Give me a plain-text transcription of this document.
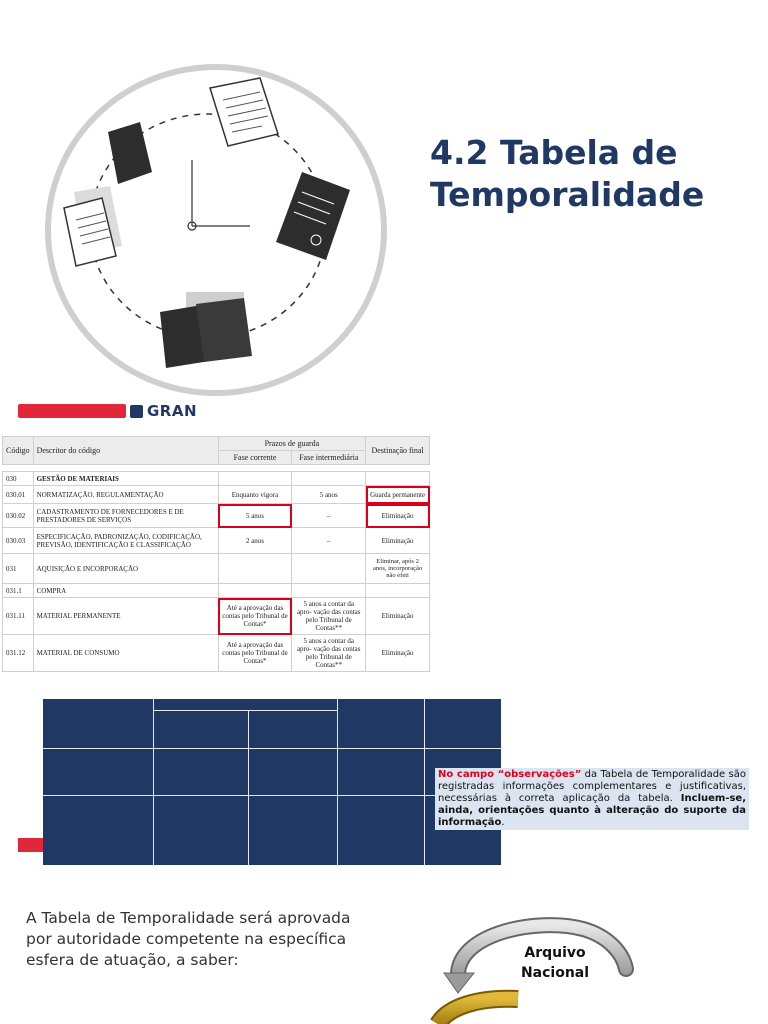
4.2 Tabela de
Temporalidade
GRAN
Código	Descritor do código	Prazos de guarda		Destinação final
		Fase corrente	Fase intermediária	

030	GESTÃO DE MATERIAIS			
030.01	NORMATIZAÇÃO. REGULAMENTAÇÃO	Enquanto vigora	5 anos	Guarda permanente
030.02	CADASTRAMENTO DE FORNECEDORES E DE PRESTADORES DE SERVIÇOS	5 anos	–	Eliminação
030.03	ESPECIFICAÇÃO, PADRONIZAÇÃO, CODIFICAÇÃO, PREVISÃO, IDENTIFICAÇÃO E CLASSIFICAÇÃO	2 anos	–	Eliminação
031	AQUISIÇÃO E INCORPORAÇÃO			Eliminar, após 2 anos, incorporação não efeti
031.1	COMPRA			
031.11	MATERIAL PERMANENTE	Até a aprovação das contas pelo Tribunal de Contas*	5 anos a contar da apro- vação das contas pelo Tribunal de Contas**	Eliminação
031.12	MATERIAL DE CONSUMO	Até a aprovação das contas pelo Tribunal de Contas*	5 anos a contar da apro- vação das contas pelo Tribunal de Contas**	Eliminação
No campo “observações” da Tabela de Temporalidade são registradas informações complementares e justificativas, necessárias à correta aplicação da tabela. Incluem-se, ainda, orientações quanto à alteração do suporte da informação.
A Tabela de Temporalidade será aprovada por autoridade competente na específica esfera de atuação, a saber:	Arquivo
Nacional
